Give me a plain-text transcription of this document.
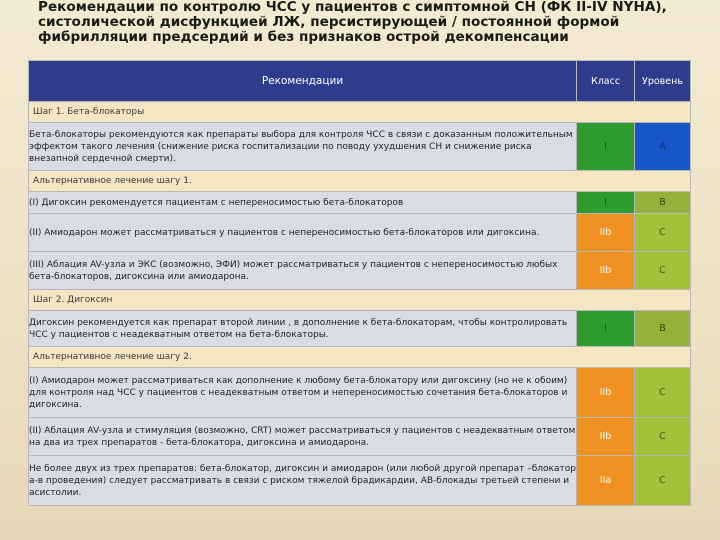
Рекомендации по контролю ЧСС у пациентов с симптомной СН (ФК II-IV NYHA), систолической дисфункцией ЛЖ, персистирующей / постоянной формой фибрилляции предсердий и без признаков острой декомпенсации
Рекомендации	Класс	Уровень
Шаг 1. Бета-блокаторы		
Бета-блокаторы рекомендуются как препараты выбора для контроля ЧСС в связи с доказанным положительным эффектом такого лечения (снижение риска госпитализации по поводу ухудшения СН и снижение риска внезапной сердечной смерти).	I	A
Альтернативное лечение шагу 1.		
(I) Дигоксин рекомендуется пациентам с непереносимостью бета-блокаторов	I	B
(II) Амиодарон может рассматриваться у пациентов с непереносимостью бета-блокаторов или дигоксина.	IIb	C
(III) Аблация AV-узла и ЭКС (возможно, ЭФИ) может рассматриваться у пациентов с непереносимостью любых бета-блокаторов, дигоксина или амиодарона.	IIb	C
Шаг 2. Дигоксин		
Дигоксин рекомендуется как препарат второй линии , в дополнение к бета-блокаторам, чтобы контролировать ЧСС у пациентов с неадекватным ответом на бета-блокаторы.	I	B
Альтернативное лечение шагу 2.		
(I) Амиодарон может рассматриваться как дополнение к любому бета-блокатору или дигоксину (но не к обоим) для контроля над ЧСС у пациентов с неадекватным ответом и непереносимостью сочетания бета-блокаторов и дигоксина.	IIb	C
(II) Аблация AV-узла и стимуляция (возможно, CRT) может рассматриваться у пациентов с неадекватным ответом на два из трех препаратов - бета-блокатора, дигоксина и амиодарона.	IIb	C
Не более двух из трех препаратов: бета-блокатор, дигоксин и амиодарон (или любой другой препарат –блокатор а-в проведения) следует рассматривать в связи с риском тяжелой брадикардии, АВ-блокады третьей степени и асистолии.	IIa	C
